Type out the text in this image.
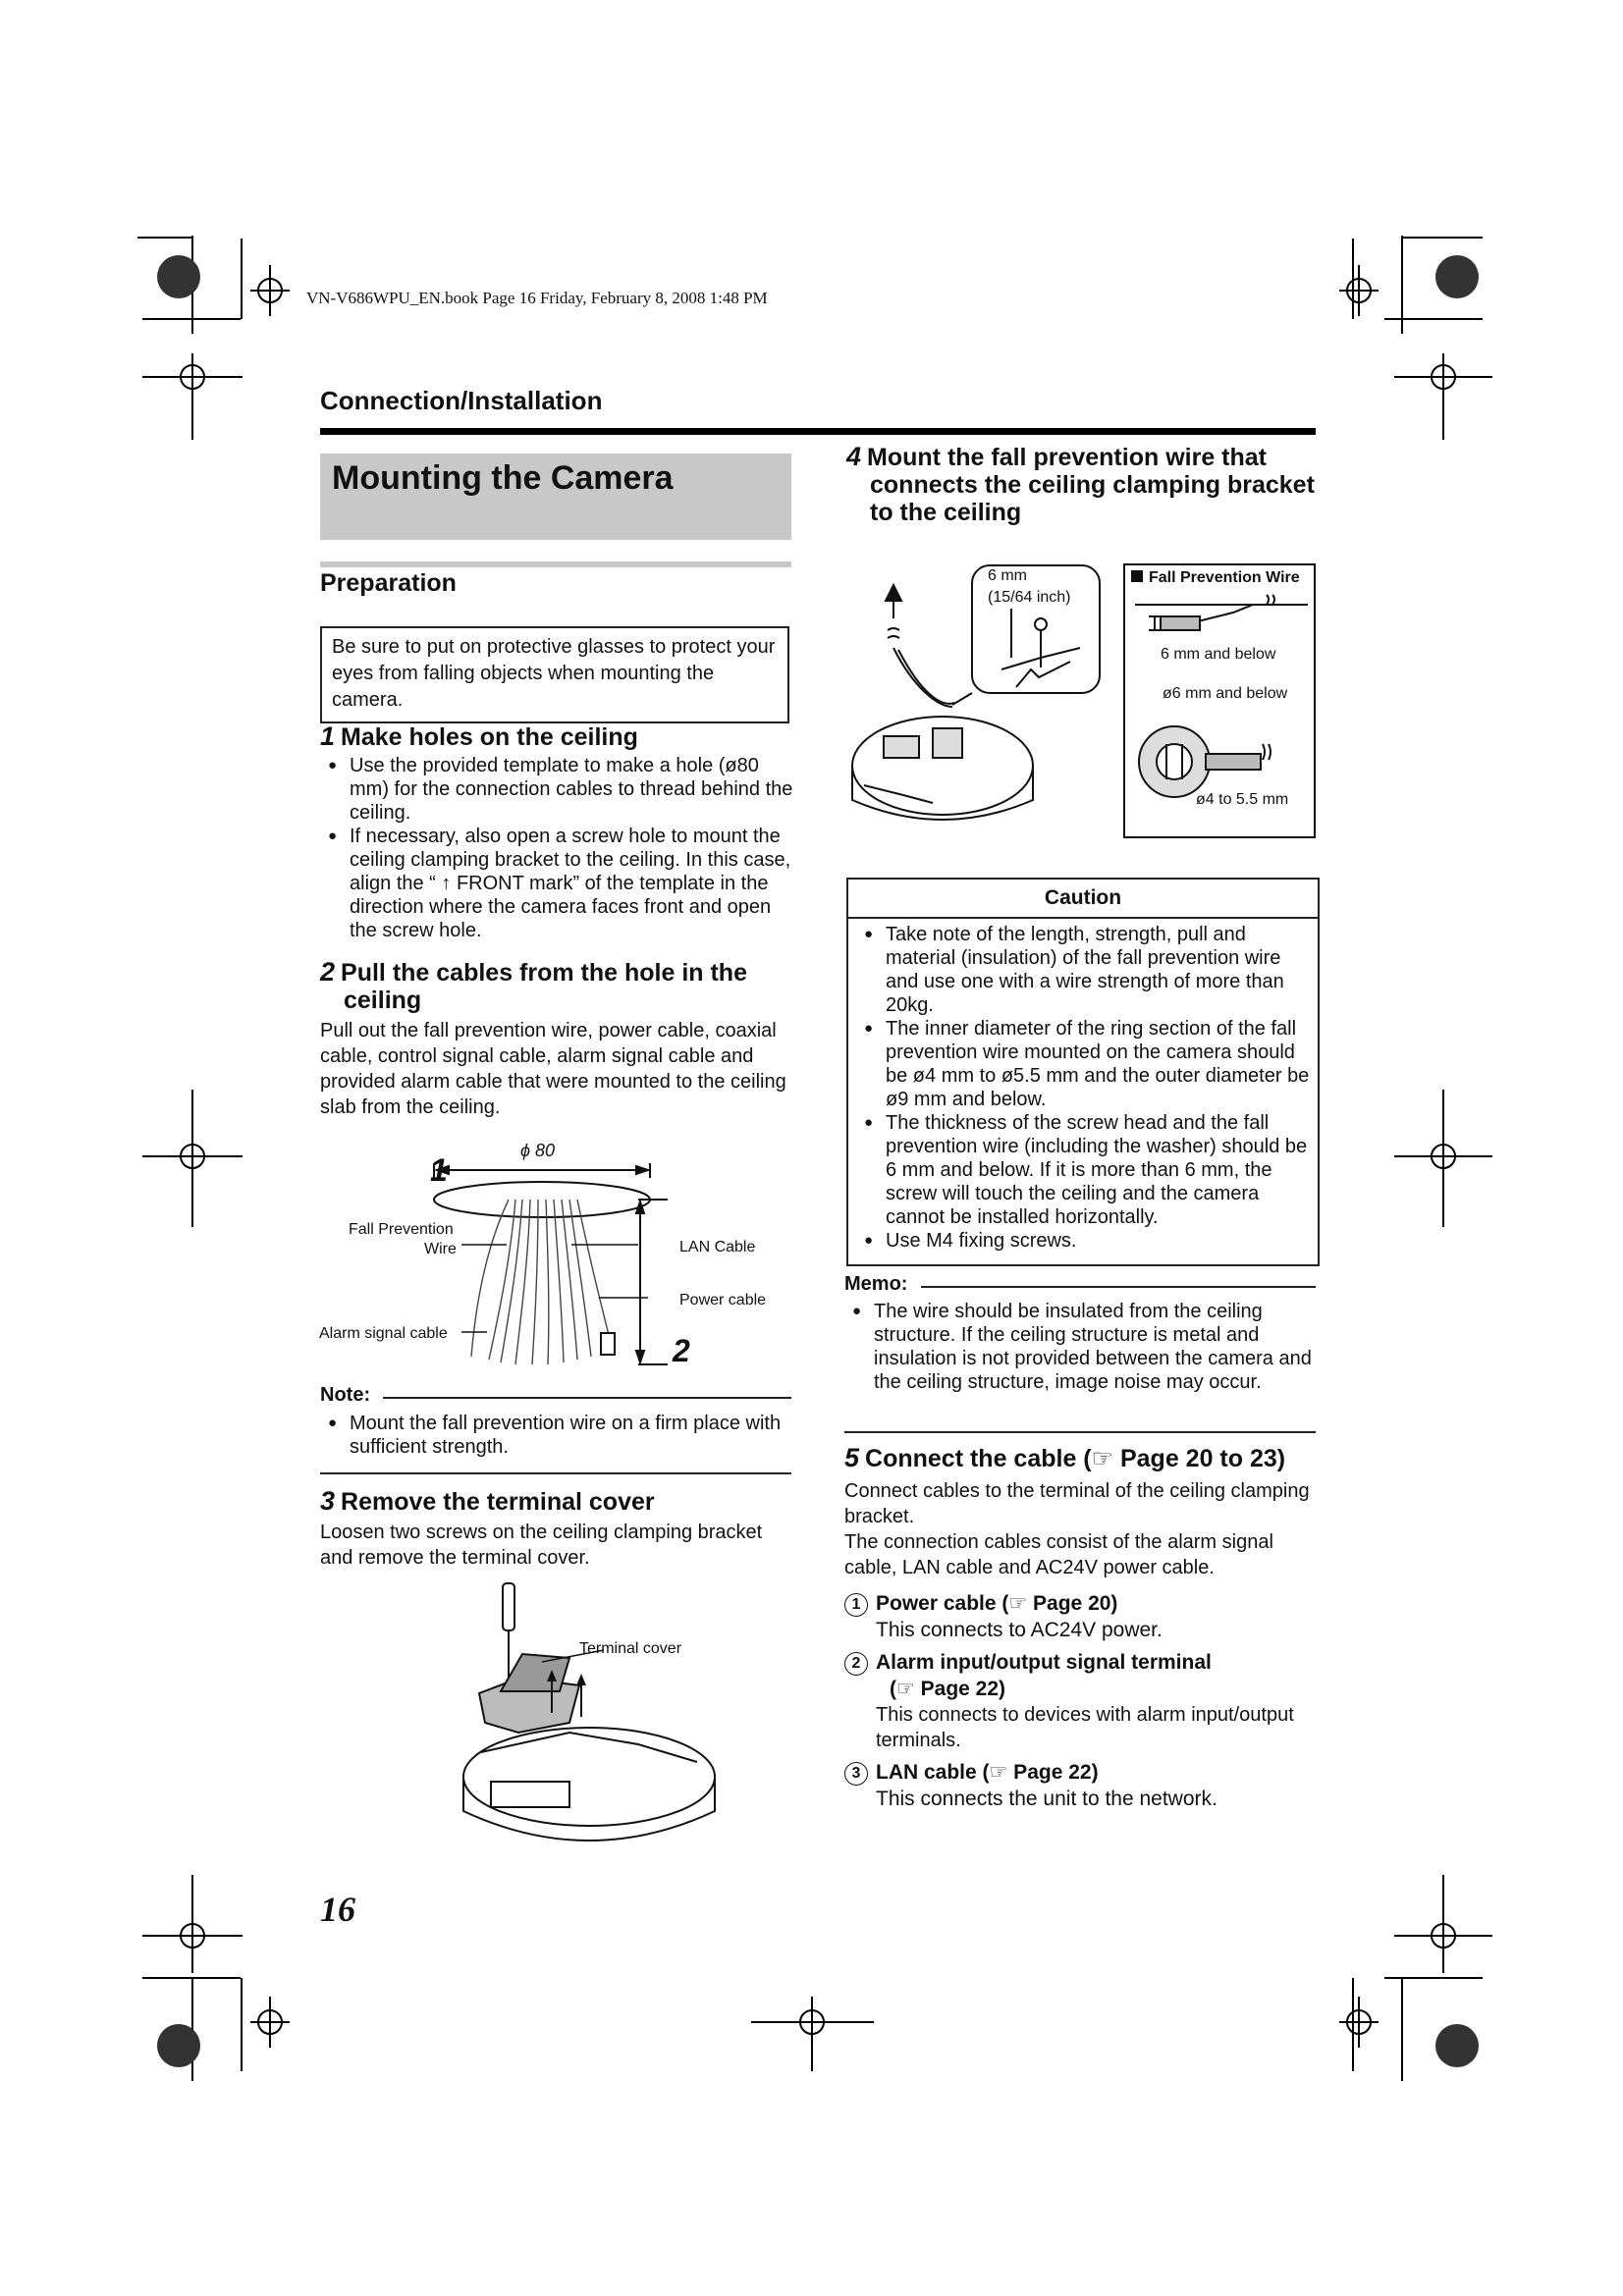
VN-V686WPU_EN.book Page 16 Friday, February 8, 2008 1:48 PM
Connection/Installation
Mounting the Camera
Preparation
Be sure to put on protective glasses to protect your eyes from falling objects when mounting the camera.
1 Make holes on the ceiling
● Use the provided template to make a hole (ø80 mm) for the connection cables to thread behind the ceiling.
● If necessary, also open a screw hole to mount the ceiling clamping bracket to the ceiling. In this case, align the “ ↑ FRONT mark” of the template in the direction where the camera faces front and open the screw hole.
2 Pull the cables from the hole in the
ceiling
Pull out the fall prevention wire, power cable, coaxial cable, control signal cable, alarm signal cable and provided alarm cable that were mounted to the ceiling slab from the ceiling.
ϕ 80
1
2
Fall Prevention
Wire	LAN Cable
Power cable
Alarm signal cable
Note:
● Mount the fall prevention wire on a firm place with sufficient strength.
3 Remove the terminal cover
Loosen two screws on the ceiling clamping bracket and remove the terminal cover.
Terminal cover
16
4 Mount the fall prevention wire that
connects the ceiling clamping bracket
to the ceiling
6 mm
(15/64 inch)
Fall Prevention Wire
6 mm and below
ø6 mm and below
ø4 to 5.5 mm
Caution
● Take note of the length, strength, pull and material (insulation) of the fall prevention wire and use one with a wire strength of more than 20kg.
● The inner diameter of the ring section of the fall prevention wire mounted on the camera should be ø4 mm to ø5.5 mm and the outer diameter be ø9 mm and below.
● The thickness of the screw head and the fall prevention wire (including the washer) should be 6 mm and below. If it is more than 6 mm, the screw will touch the ceiling and the camera cannot be installed horizontally.
● Use M4 fixing screws.
Memo:
● The wire should be insulated from the ceiling structure. If the ceiling structure is metal and insulation is not provided between the camera and the ceiling structure, image noise may occur.
5 Connect the cable (☞ Page 20 to 23)
Connect cables to the terminal of the ceiling clamping bracket.
The connection cables consist of the alarm signal cable, LAN cable and AC24V power cable.
1 Power cable (☞ Page 20)
This connects to AC24V power.
2 Alarm input/output signal terminal
(☞ Page 22)
This connects to devices with alarm input/output terminals.
3 LAN cable (☞ Page 22)
This connects the unit to the network.
